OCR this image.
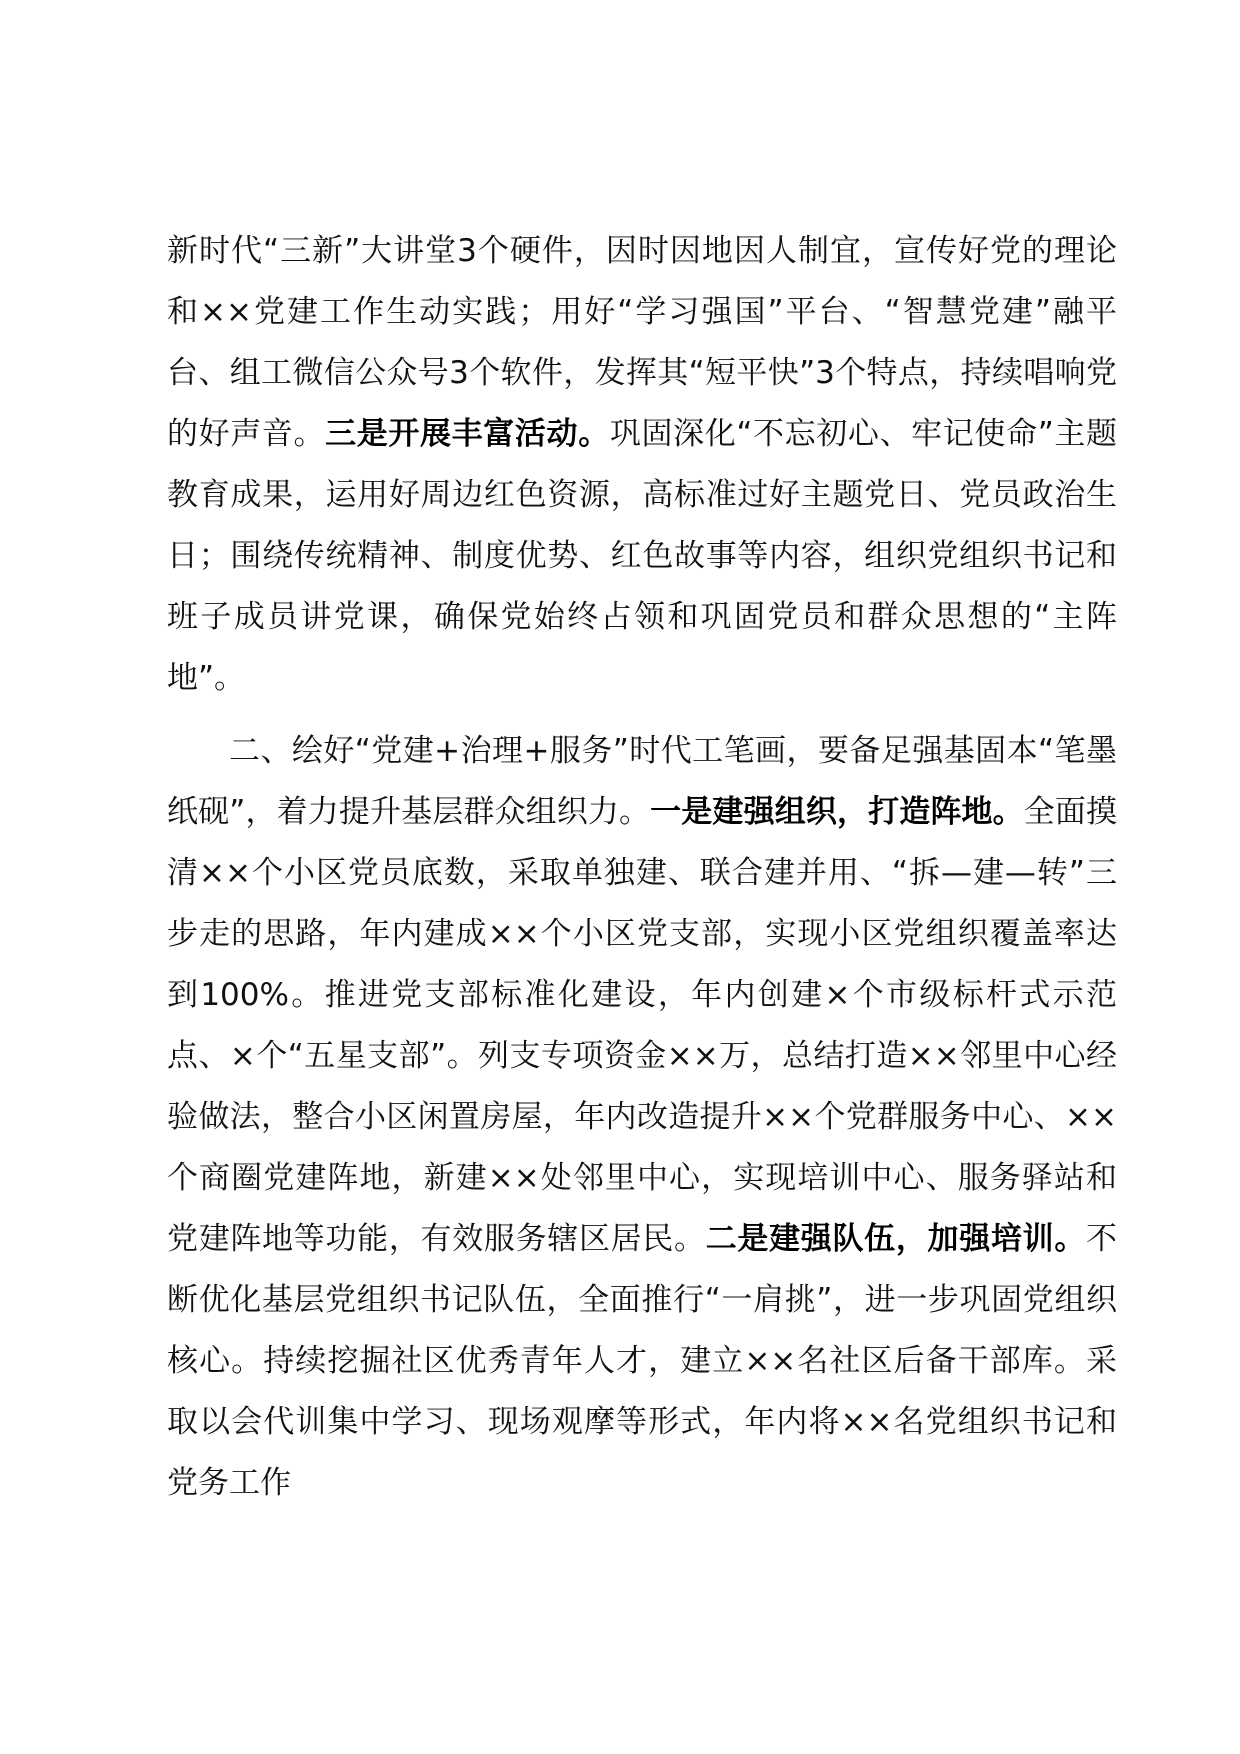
新时代“三新”大讲堂3个硬件，因时因地因人制宜，宣传好党的理论和××党建工作生动实践；用好“学习强国”平台、“智慧党建”融平台、组工微信公众号3个软件，发挥其“短平快”3个特点，持续唱响党的好声音。三是开展丰富活动。巩固深化“不忘初心、牢记使命”主题教育成果，运用好周边红色资源，高标准过好主题党日、党员政治生日；围绕传统精神、制度优势、红色故事等内容，组织党组织书记和班子成员讲党课，确保党始终占领和巩固党员和群众思想的“主阵地”。

二、绘好“党建+治理+服务”时代工笔画，要备足强基固本“笔墨纸砚”，着力提升基层群众组织力。一是建强组织，打造阵地。全面摸清××个小区党员底数，采取单独建、联合建并用、“拆—建—转”三步走的思路，年内建成××个小区党支部，实现小区党组织覆盖率达到100%。推进党支部标准化建设，年内创建×个市级标杆式示范点、×个“五星支部”。列支专项资金××万，总结打造××邻里中心经验做法，整合小区闲置房屋，年内改造提升××个党群服务中心、××个商圈党建阵地，新建××处邻里中心，实现培训中心、服务驿站和党建阵地等功能，有效服务辖区居民。二是建强队伍，加强培训。不断优化基层党组织书记队伍，全面推行“一肩挑”，进一步巩固党组织核心。持续挖掘社区优秀青年人才，建立××名社区后备干部库。采取以会代训集中学习、现场观摩等形式，年内将××名党组织书记和党务工作
